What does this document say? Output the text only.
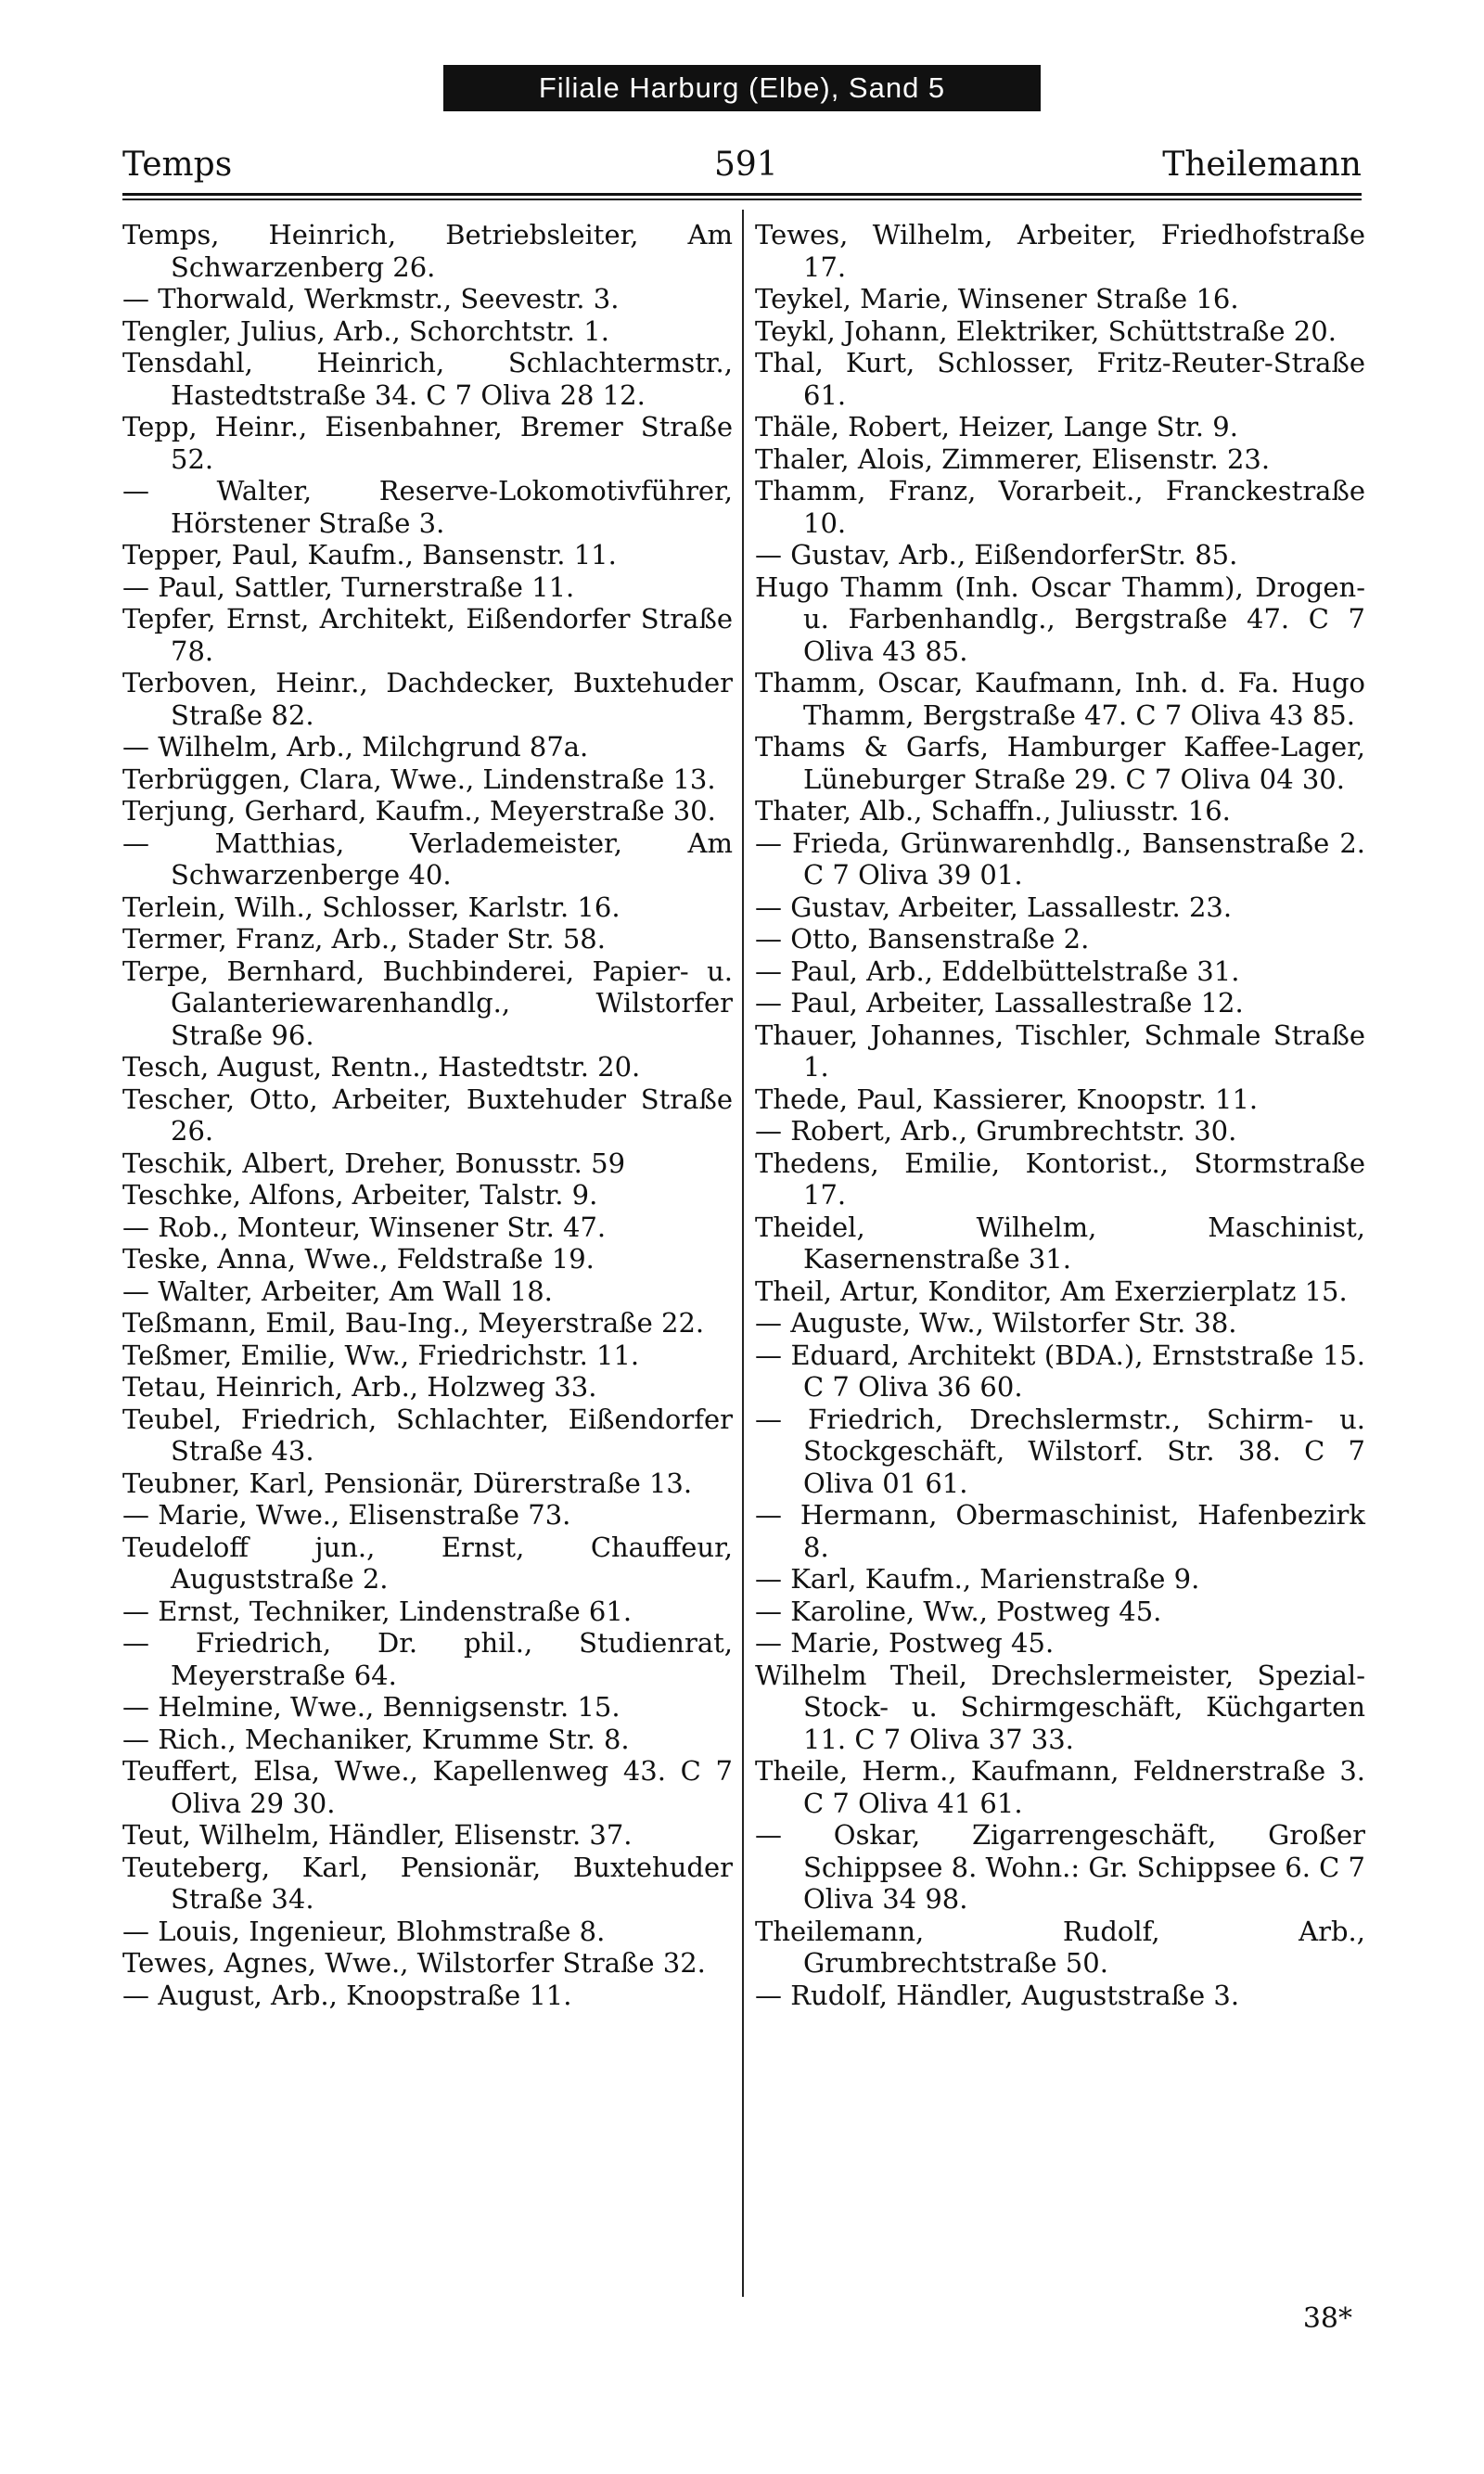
Filiale Harburg (Elbe), Sand 5
Temps	591	Theilemann
Temps, Heinrich, Betriebsleiter, Am Schwarzenberg 26.
— Thorwald, Werkmstr., Seevestr. 3.
Tengler, Julius, Arb., Schorchtstr. 1.
Tensdahl, Heinrich, Schlachtermstr., Hastedtstraße 34. C 7 Oliva 28 12.
Tepp, Heinr., Eisenbahner, Bremer Straße 52.
— Walter, Reserve-Lokomotivführer, Hörstener Straße 3.
Tepper, Paul, Kaufm., Bansenstr. 11.
— Paul, Sattler, Turnerstraße 11.
Tepfer, Ernst, Architekt, Eißendorfer Straße 78.
Terboven, Heinr., Dachdecker, Buxtehuder Straße 82.
— Wilhelm, Arb., Milchgrund 87a.
Terbrüggen, Clara, Wwe., Lindenstraße 13.
Terjung, Gerhard, Kaufm., Meyerstraße 30.
— Matthias, Verlademeister, Am Schwarzenberge 40.
Terlein, Wilh., Schlosser, Karlstr. 16.
Termer, Franz, Arb., Stader Str. 58.
Terpe, Bernhard, Buchbinderei, Papier- u. Galanteriewarenhandlg., Wilstorfer Straße 96.
Tesch, August, Rentn., Hastedtstr. 20.
Tescher, Otto, Arbeiter, Buxtehuder Straße 26.
Teschik, Albert, Dreher, Bonusstr. 59
Teschke, Alfons, Arbeiter, Talstr. 9.
— Rob., Monteur, Winsener Str. 47.
Teske, Anna, Wwe., Feldstraße 19.
— Walter, Arbeiter, Am Wall 18.
Teßmann, Emil, Bau-Ing., Meyerstraße 22.
Teßmer, Emilie, Ww., Friedrichstr. 11.
Tetau, Heinrich, Arb., Holzweg 33.
Teubel, Friedrich, Schlachter, Eißendorfer Straße 43.
Teubner, Karl, Pensionär, Dürerstraße 13.
— Marie, Wwe., Elisenstraße 73.
Teudeloff jun., Ernst, Chauffeur, Auguststraße 2.
— Ernst, Techniker, Lindenstraße 61.
— Friedrich, Dr. phil., Studienrat, Meyerstraße 64.
— Helmine, Wwe., Bennigsenstr. 15.
— Rich., Mechaniker, Krumme Str. 8.
Teuffert, Elsa, Wwe., Kapellenweg 43. C 7 Oliva 29 30.
Teut, Wilhelm, Händler, Elisenstr. 37.
Teuteberg, Karl, Pensionär, Buxtehuder Straße 34.
— Louis, Ingenieur, Blohmstraße 8.
Tewes, Agnes, Wwe., Wilstorfer Straße 32.
— August, Arb., Knoopstraße 11.
Tewes, Wilhelm, Arbeiter, Friedhofstraße 17.
Teykel, Marie, Winsener Straße 16.
Teykl, Johann, Elektriker, Schüttstraße 20.
Thal, Kurt, Schlosser, Fritz-Reuter-Straße 61.
Thäle, Robert, Heizer, Lange Str. 9.
Thaler, Alois, Zimmerer, Elisenstr. 23.
Thamm, Franz, Vorarbeit., Franckestraße 10.
— Gustav, Arb., EißendorferStr. 85.
Hugo Thamm (Inh. Oscar Thamm), Drogen- u. Farbenhandlg., Bergstraße 47. C 7 Oliva 43 85.
Thamm, Oscar, Kaufmann, Inh. d. Fa. Hugo Thamm, Bergstraße 47. C 7 Oliva 43 85.
Thams & Garfs, Hamburger Kaffee-Lager, Lüneburger Straße 29. C 7 Oliva 04 30.
Thater, Alb., Schaffn., Juliusstr. 16.
— Frieda, Grünwarenhdlg., Bansenstraße 2. C 7 Oliva 39 01.
— Gustav, Arbeiter, Lassallestr. 23.
— Otto, Bansenstraße 2.
— Paul, Arb., Eddelbüttelstraße 31.
— Paul, Arbeiter, Lassallestraße 12.
Thauer, Johannes, Tischler, Schmale Straße 1.
Thede, Paul, Kassierer, Knoopstr. 11.
— Robert, Arb., Grumbrechtstr. 30.
Thedens, Emilie, Kontorist., Stormstraße 17.
Theidel, Wilhelm, Maschinist, Kasernenstraße 31.
Theil, Artur, Konditor, Am Exerzierplatz 15.
— Auguste, Ww., Wilstorfer Str. 38.
— Eduard, Architekt (BDA.), Ernststraße 15. C 7 Oliva 36 60.
— Friedrich, Drechslermstr., Schirm- u. Stockgeschäft, Wilstorf. Str. 38. C 7 Oliva 01 61.
— Hermann, Obermaschinist, Hafenbezirk 8.
— Karl, Kaufm., Marienstraße 9.
— Karoline, Ww., Postweg 45.
— Marie, Postweg 45.
Wilhelm Theil, Drechslermeister, Spezial-Stock- u. Schirmgeschäft, Küchgarten 11. C 7 Oliva 37 33.
Theile, Herm., Kaufmann, Feldnerstraße 3. C 7 Oliva 41 61.
— Oskar, Zigarrengeschäft, Großer Schippsee 8. Wohn.: Gr. Schippsee 6. C 7 Oliva 34 98.
Theilemann, Rudolf, Arb., Grumbrechtstraße 50.
— Rudolf, Händler, Auguststraße 3.
38*
